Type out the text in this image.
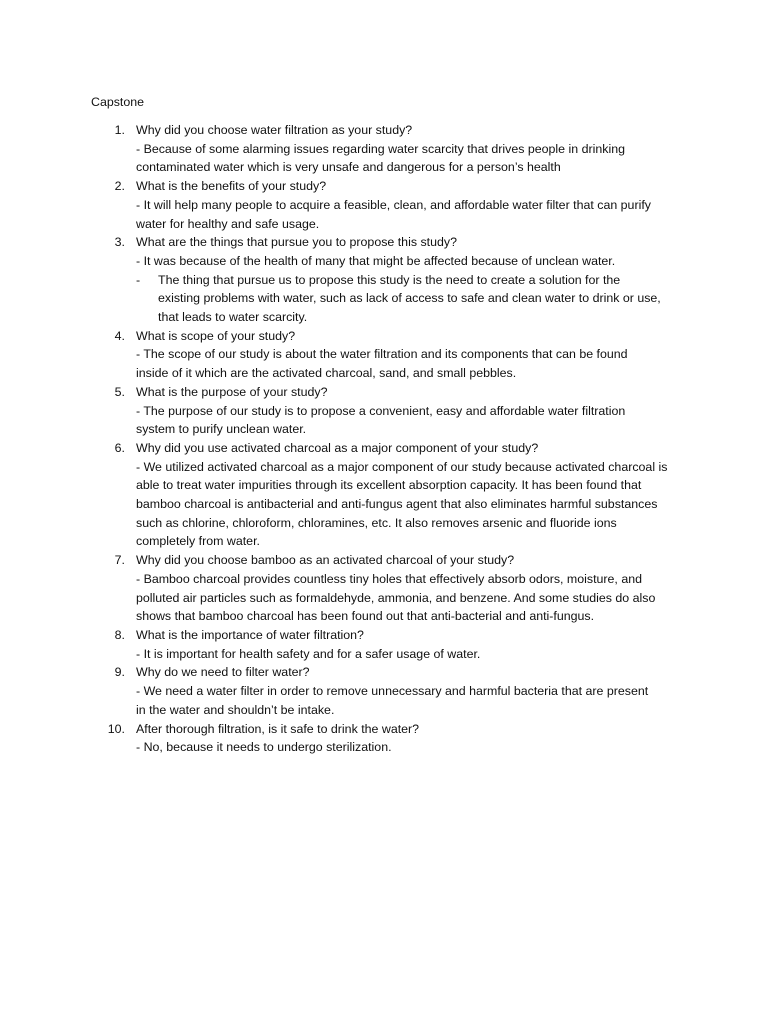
Capstone
1. Why did you choose water filtration as your study?
- Because of some alarming issues regarding water scarcity that drives people in drinking
contaminated water which is very unsafe and dangerous for a person’s health
2. What is the benefits of your study?
- It will help many people to acquire a feasible, clean, and affordable water filter that can purify
water for healthy and safe usage.
3. What are the things that pursue you to propose this study?
- It was because of the health of many that might be affected because of unclean water.
- The thing that pursue us to propose this study is the need to create a solution for the
existing problems with water, such as lack of access to safe and clean water to drink or use,
that leads to water scarcity.
4. What is scope of your study?
- The scope of our study is about the water filtration and its components that can be found
inside of it which are the activated charcoal, sand, and small pebbles.
5. What is the purpose of your study?
- The purpose of our study is to propose a convenient, easy and affordable water filtration
system to purify unclean water.
6. Why did you use activated charcoal as a major component of your study?
- We utilized activated charcoal as a major component of our study because activated charcoal is
able to treat water impurities through its excellent absorption capacity. It has been found that
bamboo charcoal is antibacterial and anti-fungus agent that also eliminates harmful substances
such as chlorine, chloroform, chloramines, etc. It also removes arsenic and fluoride ions
completely from water.
7. Why did you choose bamboo as an activated charcoal of your study?
- Bamboo charcoal provides countless tiny holes that effectively absorb odors, moisture, and
polluted air particles such as formaldehyde, ammonia, and benzene. And some studies do also
shows that bamboo charcoal has been found out that anti-bacterial and anti-fungus.
8. What is the importance of water filtration?
- It is important for health safety and for a safer usage of water.
9. Why do we need to filter water?
- We need a water filter in order to remove unnecessary and harmful bacteria that are present
in the water and shouldn’t be intake.
10. After thorough filtration, is it safe to drink the water?
- No, because it needs to undergo sterilization.
